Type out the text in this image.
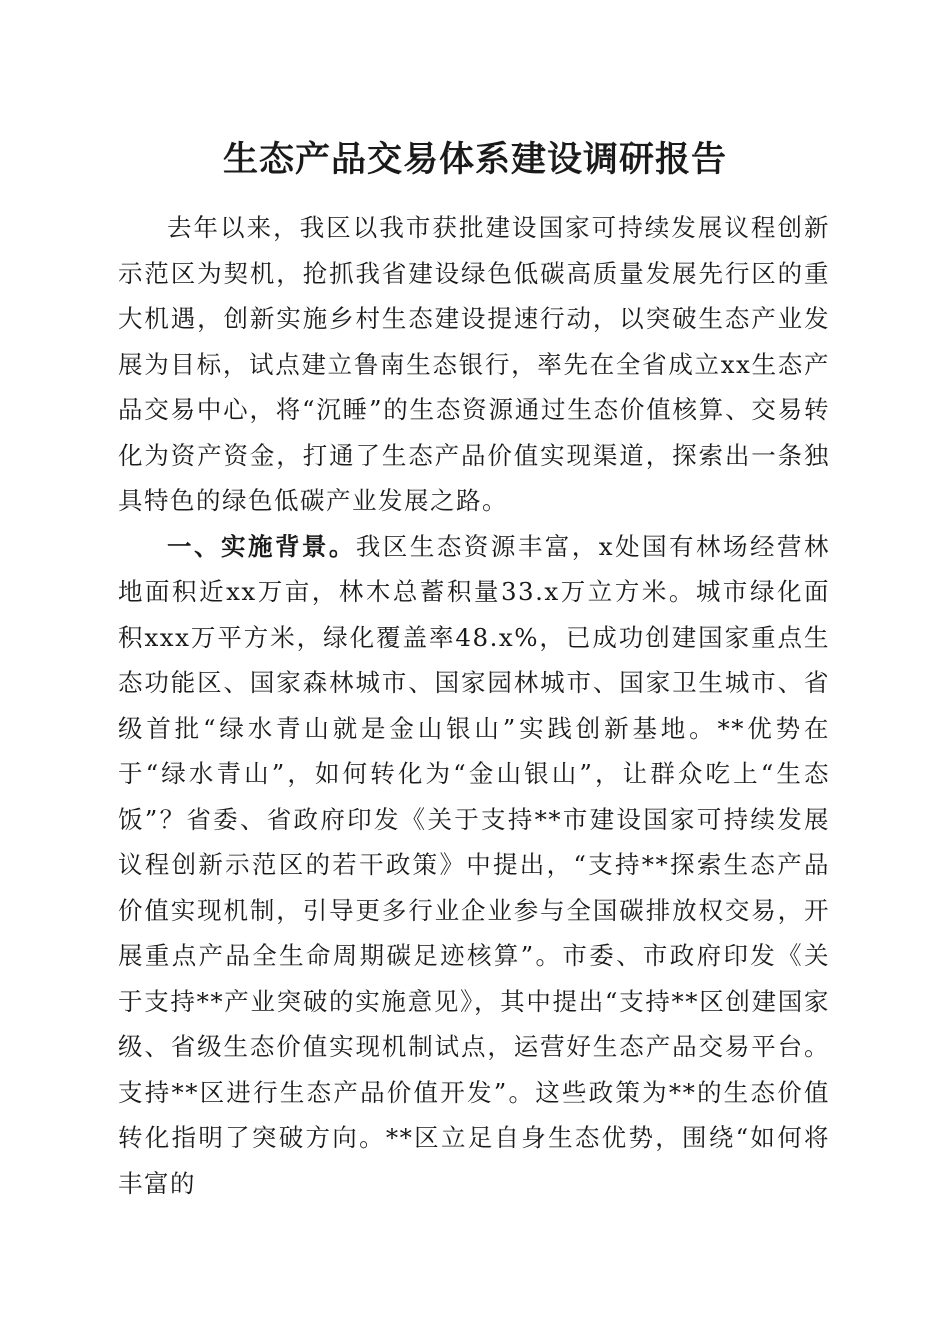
生态产品交易体系建设调研报告

去年以来，我区以我市获批建设国家可持续发展议程创新示范区为契机，抢抓我省建设绿色低碳高质量发展先行区的重大机遇，创新实施乡村生态建设提速行动，以突破生态产业发展为目标，试点建立鲁南生态银行，率先在全省成立xx生态产品交易中心，将“沉睡”的生态资源通过生态价值核算、交易转化为资产资金，打通了生态产品价值实现渠道，探索出一条独具特色的绿色低碳产业发展之路。

一、实施背景。我区生态资源丰富，x处国有林场经营林地面积近xx万亩，林木总蓄积量33.x万立方米。城市绿化面积xxx万平方米，绿化覆盖率48.x%，已成功创建国家重点生态功能区、国家森林城市、国家园林城市、国家卫生城市、省级首批“绿水青山就是金山银山”实践创新基地。**优势在于“绿水青山”，如何转化为“金山银山”，让群众吃上“生态饭”？省委、省政府印发《关于支持**市建设国家可持续发展议程创新示范区的若干政策》中提出，“支持**探索生态产品价值实现机制，引导更多行业企业参与全国碳排放权交易，开展重点产品全生命周期碳足迹核算”。市委、市政府印发《关于支持**产业突破的实施意见》，其中提出“支持**区创建国家级、省级生态价值实现机制试点，运营好生态产品交易平台。支持**区进行生态产品价值开发”。这些政策为**的生态价值转化指明了突破方向。**区立足自身生态优势，围绕“如何将丰富的
